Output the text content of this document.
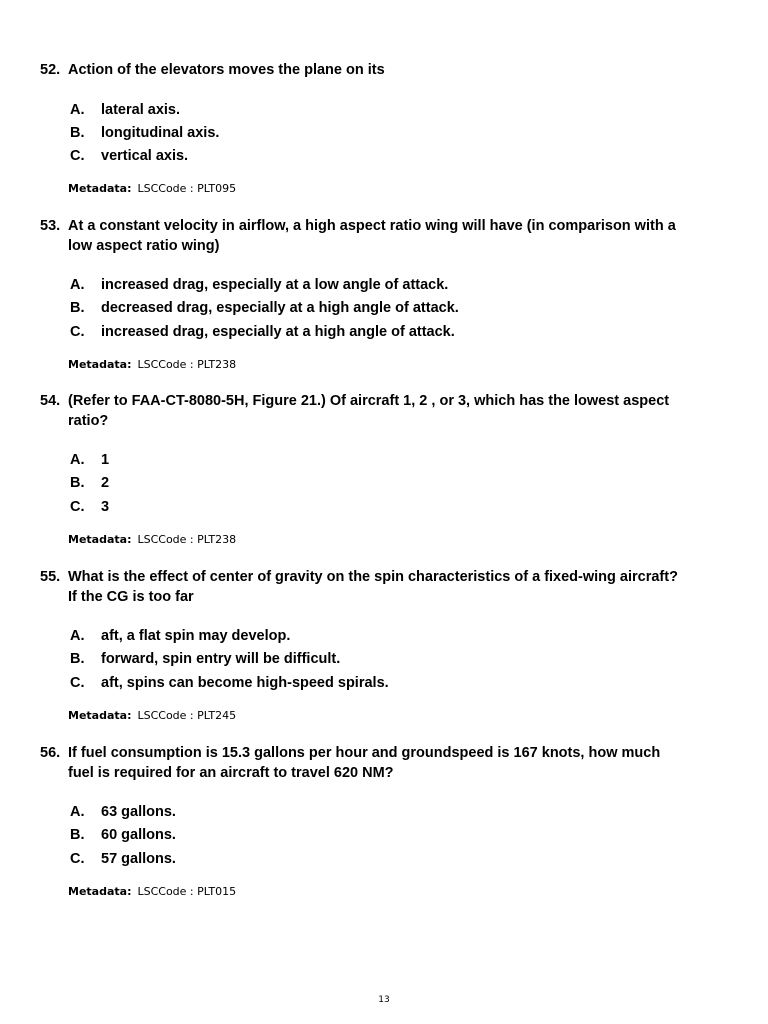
52. Action of the elevators moves the plane on its
A.	lateral axis.
B.	longitudinal axis.
C.	vertical axis.
Metadata: LSCCode : PLT095
53. At a constant velocity in airflow, a high aspect ratio wing will have (in comparison with a low aspect ratio wing)
A.	increased drag, especially at a low angle of attack.
B.	decreased drag, especially at a high angle of attack.
C.	increased drag, especially at a high angle of attack.
Metadata: LSCCode : PLT238
54. (Refer to FAA-CT-8080-5H, Figure 21.) Of aircraft 1, 2 , or 3, which has the lowest aspect ratio?
A.	1
B.	2
C.	3
Metadata: LSCCode : PLT238
55. What is the effect of center of gravity on the spin characteristics of a fixed-wing aircraft? If the CG is too far
A.	aft, a flat spin may develop.
B.	forward, spin entry will be difficult.
C.	aft, spins can become high-speed spirals.
Metadata: LSCCode : PLT245
56. If fuel consumption is 15.3 gallons per hour and groundspeed is 167 knots, how much fuel is required for an aircraft to travel 620 NM?
A.	63 gallons.
B.	60 gallons.
C.	57 gallons.
Metadata: LSCCode : PLT015
13
